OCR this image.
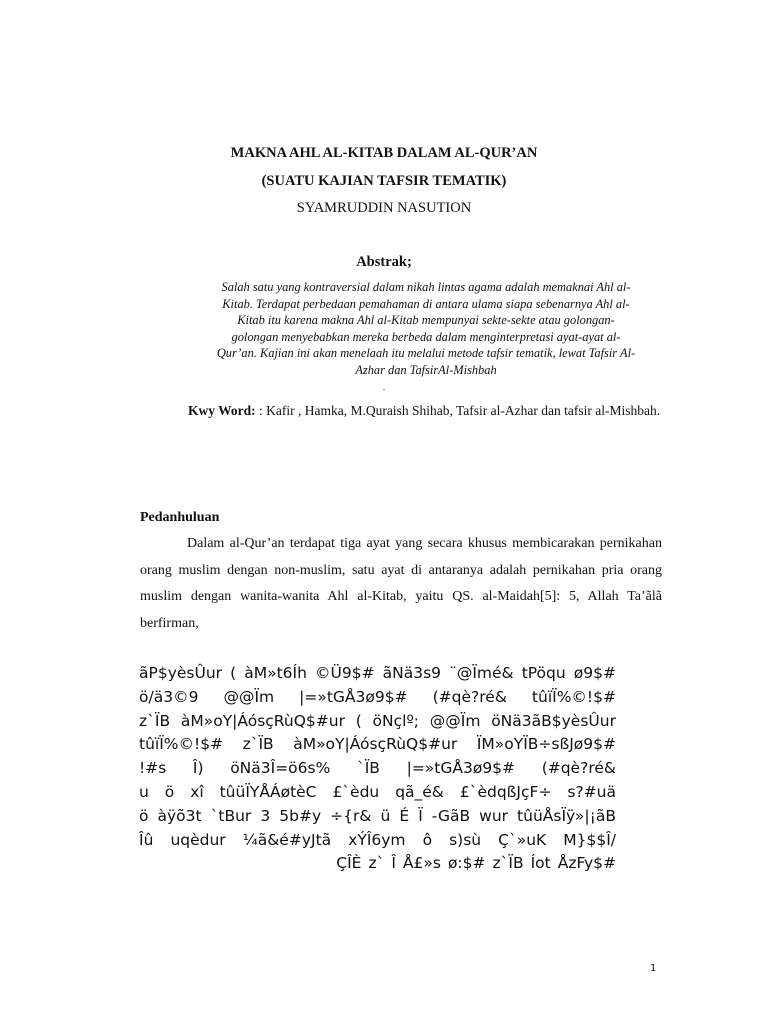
MAKNA AHL AL-KITAB DALAM AL-QUR’AN
(SUATU KAJIAN TAFSIR TEMATIK)
SYAMRUDDIN NASUTION
Abstrak;
Salah satu yang kontraversial dalam nikah lintas agama adalah memaknai Ahl al-
Kitab. Terdapat perbedaan pemahaman di antara ulama siapa sebenarnya Ahl al-
Kitab itu karena makna Ahl al-Kitab mempunyai sekte-sekte atau golongan-
golongan menyebabkan mereka berbeda dalam menginterpretasi ayat-ayat al-
Qur’an. Kajian ini akan menelaah itu melalui metode tafsir tematik, lewat Tafsir Al-
Azhar dan TafsirAl-Mishbah
.
Kwy Word: : Kafir , Hamka, M.Quraish Shihab, Tafsir al-Azhar dan tafsir al-Mishbah.
Pedanhuluan
Dalam al-Qur’an terdapat tiga ayat yang secara khusus membicarakan pernikahan orang muslim dengan non-muslim, satu ayat di antaranya adalah pernikahan pria orang muslim dengan wanita-wanita Ahl al-Kitab, yaitu QS. al-Maidah[5]: 5, Allah Ta’ãlã berfirman,
ãP$yèsÛur ( àM»t6Íh ©Ü9$# ãNä3s9 ¨@Ïmé& tPöqu ø9$#
ö/ä3©9 @@Ïm |=»tGÅ3ø9$# (#qè?ré& tûïÏ%©!$#
z`ÏB àM»oY|ÁósçRùQ$#ur ( öNçlº; @@Ïm öNä3ãB$yèsÛur
tûïÏ%©!$# z`ÏB àM»oY|ÁósçRùQ$#ur ÏM»oYÏB÷sßJø9$#
!#s Î) öNä3Î=ö6s% `ÏB |=»tGÅ3ø9$# (#qè?ré&
u ö xî tûüÏYÅÁøtèC £`èdu qã_é& £`èdqßJçF÷ s?#uä
ö àÿõ3t `tBur 3 5b#y ÷{r& ü É Ï -GãB wur tûüÅsÏÿ»|¡ãB
Îû uqèdur ¼ã&é#yJtã xÝÎ6ym ô s)sù Ç`»uK M}$$Î/
ÇÎÈ z` Î Å£»s ø:$# z`ÏB Íot ÅzFy$#
1
